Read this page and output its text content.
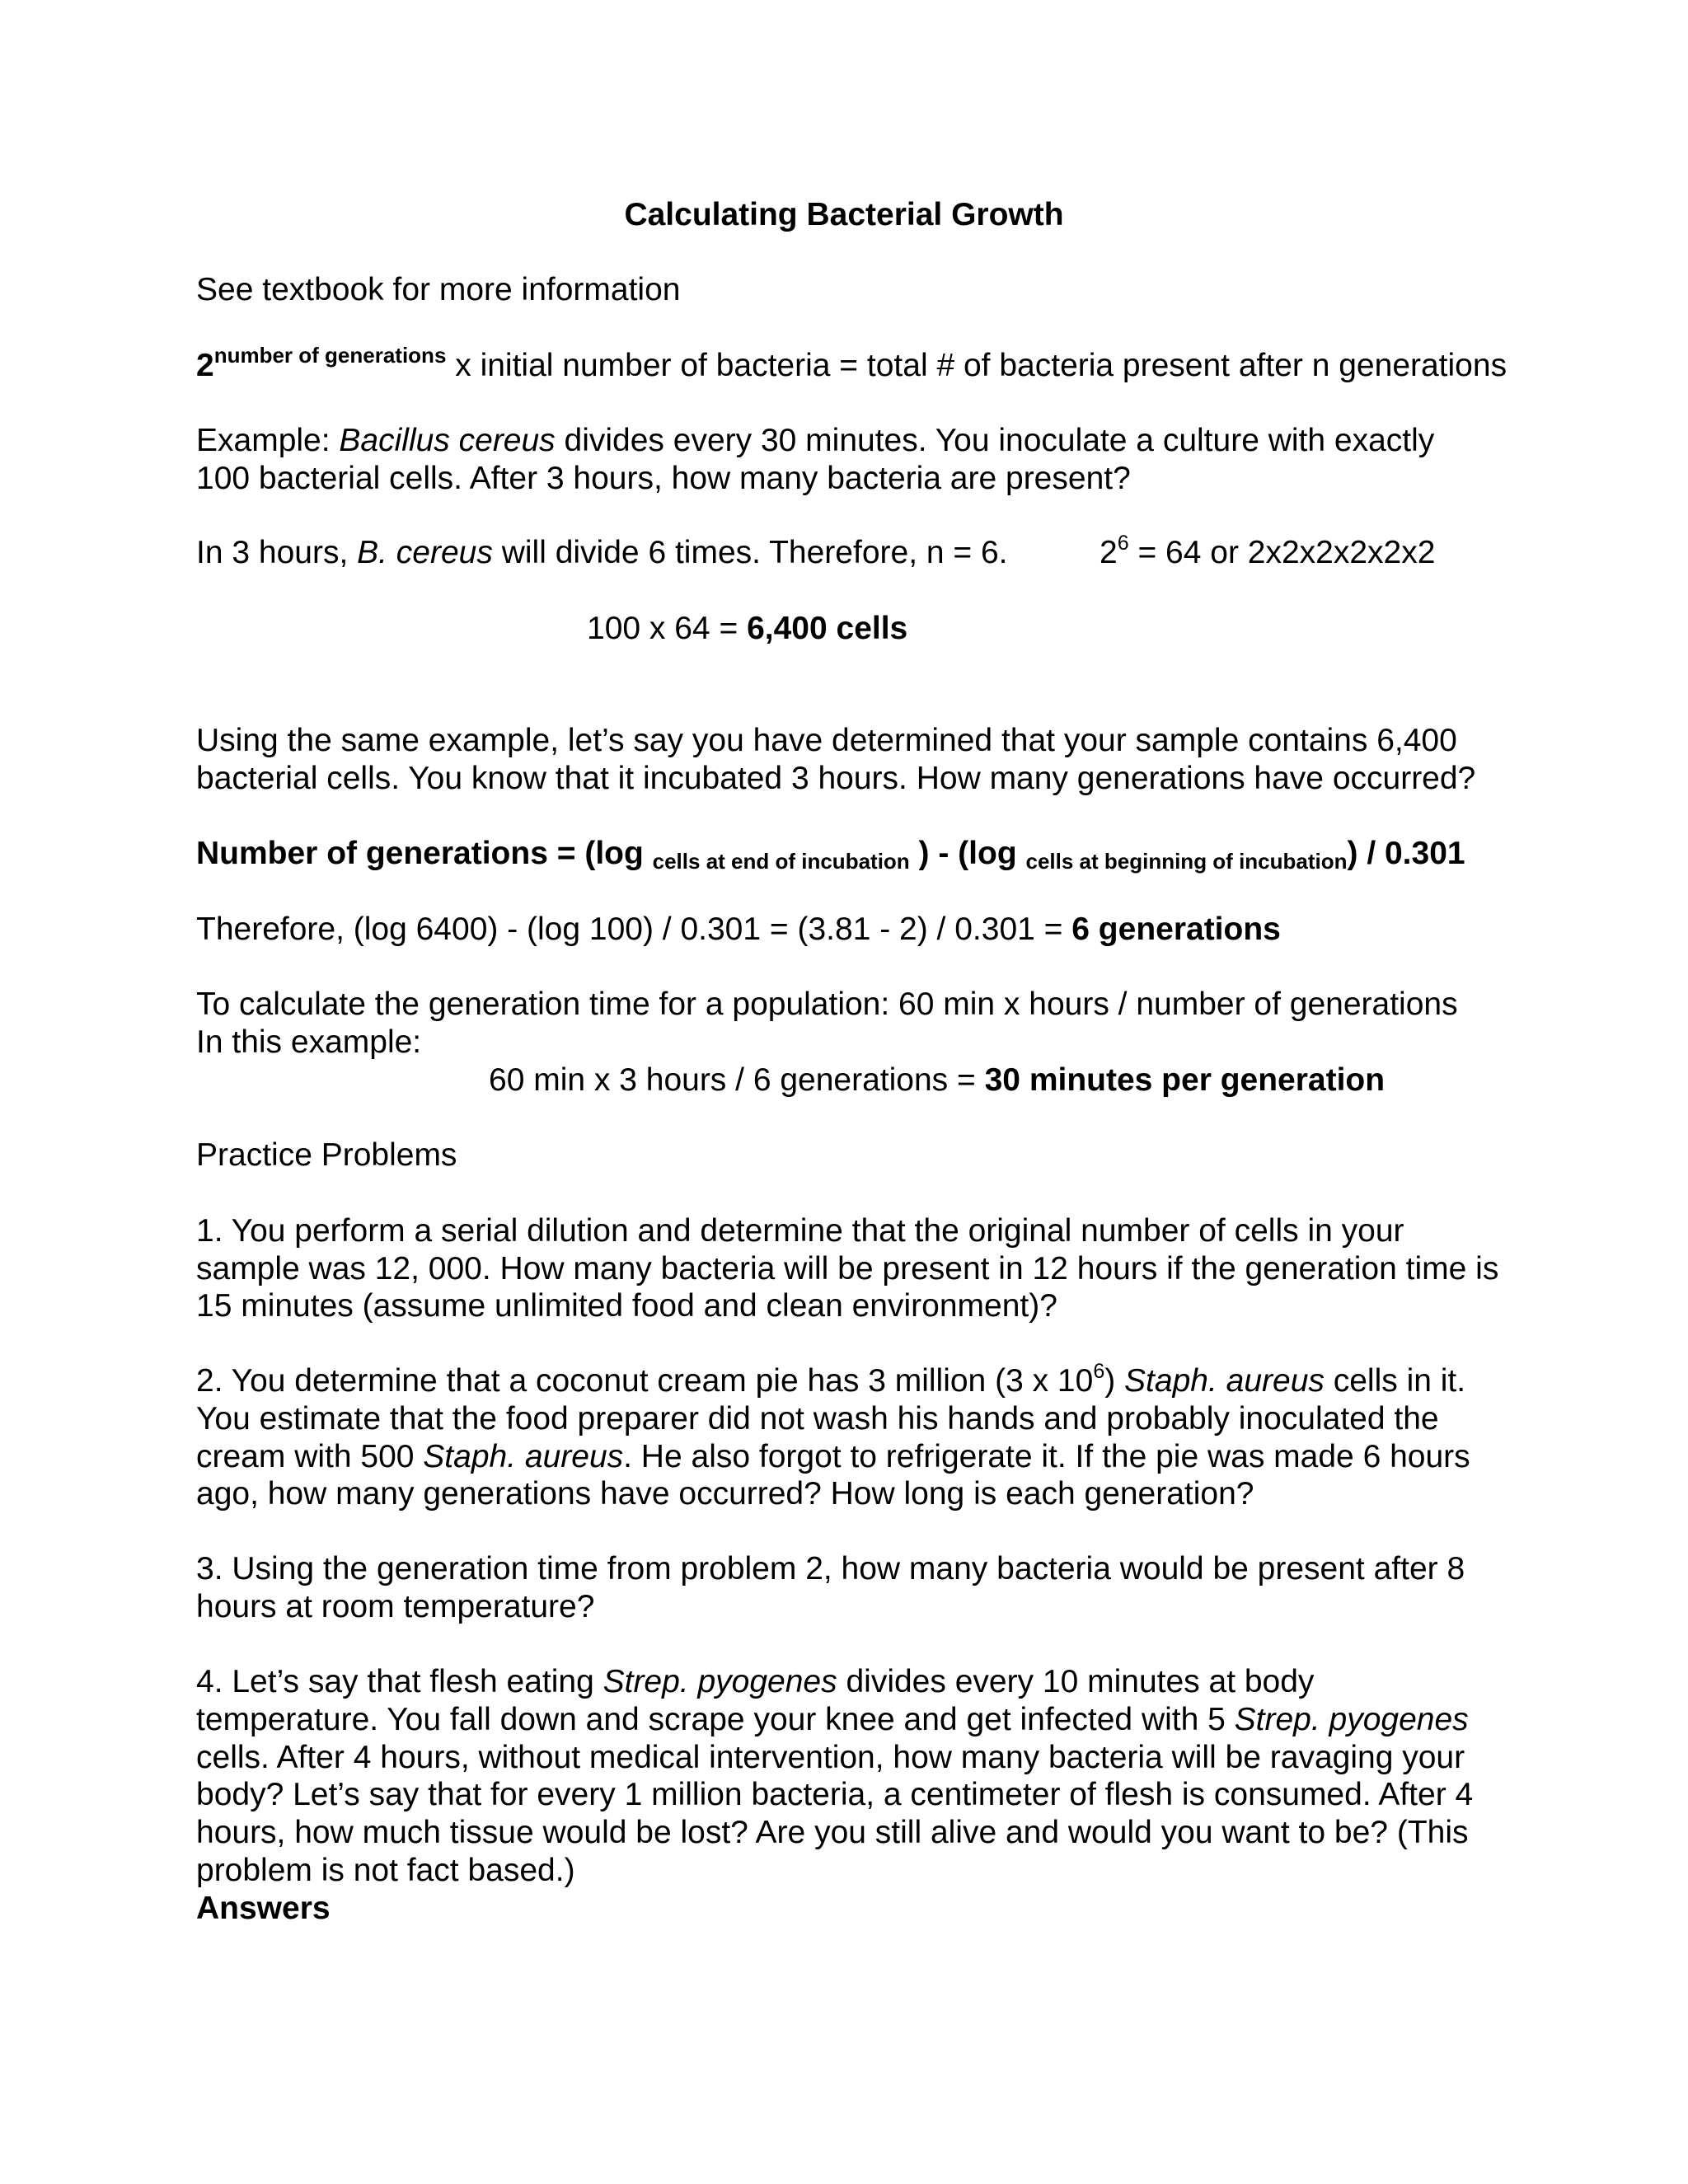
Calculating Bacterial Growth

See textbook for more information

$2^{number of generations}$ x initial number of bacteria = total # of bacteria present after n generations

Example: Bacillus cereus divides every 30 minutes. You inoculate a culture with exactly

100 bacterial cells. After 3 hours, how many bacteria are present?

In 3 hours, B. cereus will divide 6 times. Therefore, n = 6.	$2^6 = 64$ or 2x2x2x2x2x2

100 x 64 = 6,400 cells

Using the same example, let’s say you have determined that your sample contains 6,400

bacterial cells. You know that it incubated 3 hours. How many generations have occurred?

Number of generations = (log cells at end of incubation ) - (log cells at beginning of incubation) / 0.301

Therefore, (log 6400) - (log 100) / 0.301 = (3.81 - 2) / 0.301 = 6 generations

To calculate the generation time for a population: 60 min x hours / number of generations

In this example:

60 min x 3 hours / 6 generations = 30 minutes per generation

Practice Problems

1. You perform a serial dilution and determine that the original number of cells in your

sample was 12, 000. How many bacteria will be present in 12 hours if the generation time is

15 minutes (assume unlimited food and clean environment)?

2. You determine that a coconut cream pie has 3 million (3 x $10^6$) Staph. aureus cells in it.

You estimate that the food preparer did not wash his hands and probably inoculated the

cream with 500 Staph. aureus. He also forgot to refrigerate it. If the pie was made 6 hours

ago, how many generations have occurred? How long is each generation?

3. Using the generation time from problem 2, how many bacteria would be present after 8

hours at room temperature?

4. Let’s say that flesh eating Strep. pyogenes divides every 10 minutes at body

temperature. You fall down and scrape your knee and get infected with 5 Strep. pyogenes

cells. After 4 hours, without medical intervention, how many bacteria will be ravaging your

body? Let’s say that for every 1 million bacteria, a centimeter of flesh is consumed. After 4

hours, how much tissue would be lost? Are you still alive and would you want to be? (This

problem is not fact based.)

Answers
